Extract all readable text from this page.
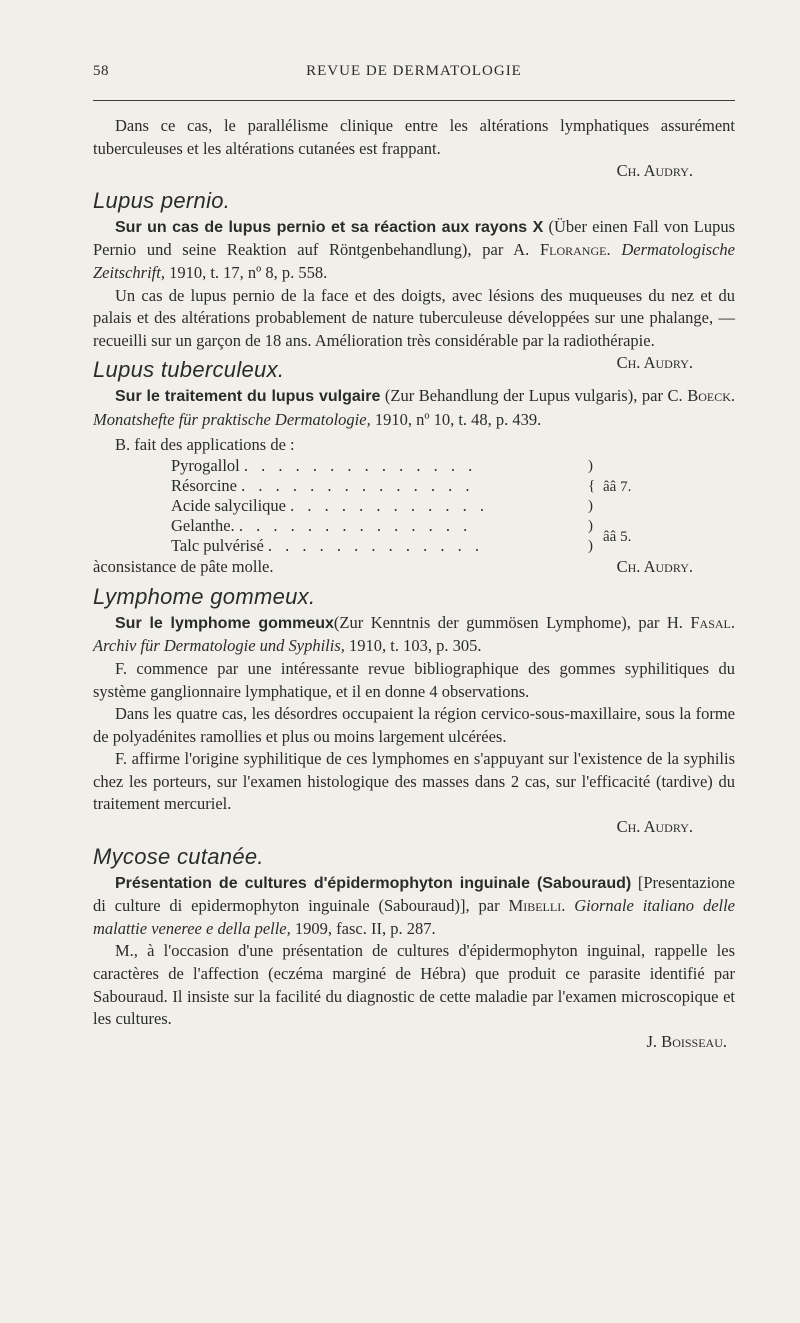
58	REVUE DE DERMATOLOGIE

Dans ce cas, le parallélisme clinique entre les altérations lymphatiques assurément tuberculeuses et les altérations cutanées est frappant.

Ch. Audry.
Lupus pernio.

Sur un cas de lupus pernio et sa réaction aux rayons X (Über einen Fall von Lupus Pernio und seine Reaktion auf Röntgenbehandlung), par A. Florange. Dermatologische Zeitschrift, 1910, t. 17, nº 8, p. 558.

Un cas de lupus pernio de la face et des doigts, avec lésions des muqueuses du nez et du palais et des altérations probablement de nature tuberculeuse développées sur une phalange, — recueilli sur un garçon de 18 ans. Amélioration très considérable par la radiothérapie.
Ch. Audry.

Lupus tuberculeux.

Sur le traitement du lupus vulgaire (Zur Behandlung der Lupus vulgaris), par C. Boeck. Monatshefte für praktische Dermatologie, 1910, nº 10, t. 48, p. 439.

B. fait des applications de :

Pyrogallol . . . . . . . . . . . . . .
Résorcine . . . . . . . . . . . . . .
Acide salycilique . . . . . . . . . . . .
)
{
)
ââ 7.
Gelanthe. . . . . . . . . . . . . . .
Talc pulvérisé . . . . . . . . . . . . .
)
)
ââ 5.

àconsistance de pâte molle.	Ch. Audry.

Lymphome gommeux.

Sur le lymphome gommeux(Zur Kenntnis der gummösen Lymphome), par H. Fasal. Archiv für Dermatologie und Syphilis, 1910, t. 103, p. 305.

F. commence par une intéressante revue bibliographique des gommes syphilitiques du système ganglionnaire lymphatique, et il en donne 4 observations.

Dans les quatre cas, les désordres occupaient la région cervico-sous-maxillaire, sous la forme de polyadénites ramollies et plus ou moins largement ulcérées.

F. affirme l'origine syphilitique de ces lymphomes en s'appuyant sur l'existence de la syphilis chez les porteurs, sur l'examen histologique des masses dans 2 cas, sur l'efficacité (tardive) du traitement mercuriel.

Ch. Audry.
Mycose cutanée.

Présentation de cultures d'épidermophyton inguinale (Sabouraud) [Presentazione di culture di epidermophyton inguinale (Sabouraud)], par Mibelli. Giornale italiano delle malattie veneree e della pelle, 1909, fasc. II, p. 287.

M., à l'occasion d'une présentation de cultures d'épidermophyton inguinal, rappelle les caractères de l'affection (eczéma marginé de Hébra) que produit ce parasite identifié par Sabouraud. Il insiste sur la facilité du diagnostic de cette maladie par l'examen microscopique et les cultures.

J. Boisseau.
